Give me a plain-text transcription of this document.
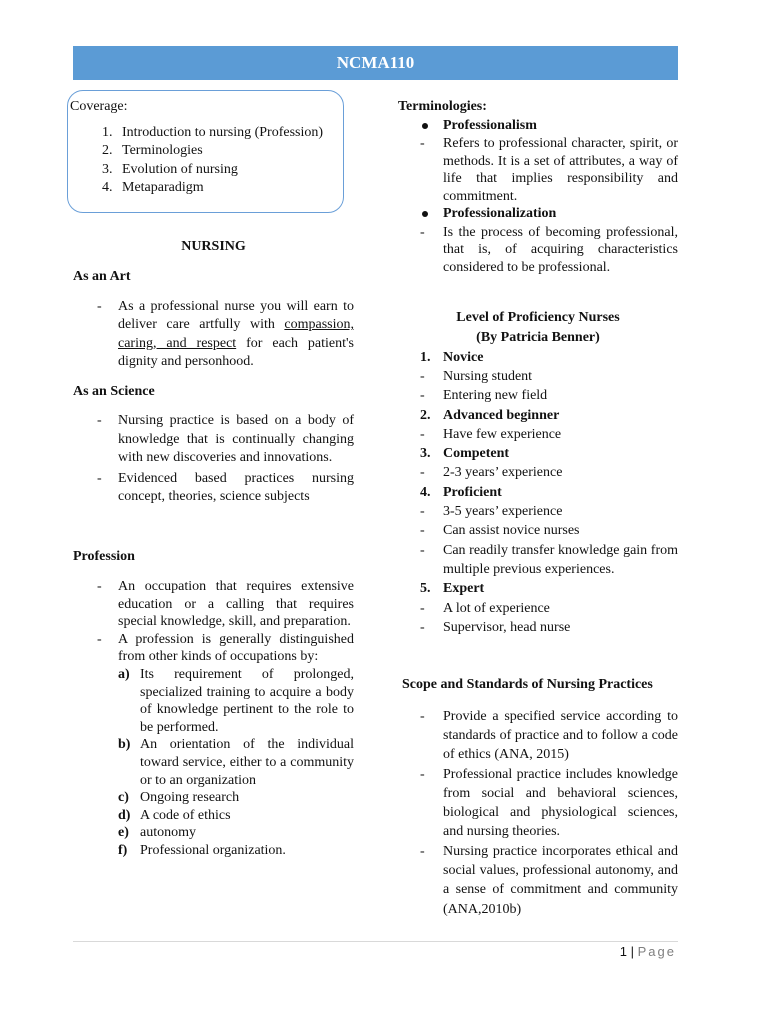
NCMA110
Coverage:
1. Introduction to nursing (Profession)
2. Terminologies
3. Evolution of nursing
4. Metaparadigm
NURSING
As an Art
- As a professional nurse you will earn to deliver care artfully with compassion, caring, and respect for each patient's dignity and personhood.
As an Science
- Nursing practice is based on a body of knowledge that is continually changing with new discoveries and innovations.
- Evidenced based practices nursing concept, theories, science subjects
Profession
- An occupation that requires extensive education or a calling that requires special knowledge, skill, and preparation.
- A profession is generally distinguished from other kinds of occupations by:
a) Its requirement of prolonged, specialized training to acquire a body of knowledge pertinent to the role to be performed.
b) An orientation of the individual toward service, either to a community or to an organization
c) Ongoing research
d) A code of ethics
e) autonomy
f) Professional organization.
Terminologies:
Professionalism
- Refers to professional character, spirit, or methods. It is a set of attributes, a way of life that implies responsibility and commitment.
Professionalization
- Is the process of becoming professional, that is, of acquiring characteristics considered to be professional.
Level of Proficiency Nurses
(By Patricia Benner)
1. Novice
- Nursing student
- Entering new field
2. Advanced beginner
- Have few experience
3. Competent
- 2-3 years’ experience
4. Proficient
- 3-5 years’ experience
- Can assist novice nurses
- Can readily transfer knowledge gain from multiple previous experiences.
5. Expert
- A lot of experience
- Supervisor, head nurse
Scope and Standards of Nursing Practices
- Provide a specified service according to standards of practice and to follow a code of ethics (ANA, 2015)
- Professional practice includes knowledge from social and behavioral sciences, biological and physiological sciences, and nursing theories.
- Nursing practice incorporates ethical and social values, professional autonomy, and a sense of commitment and community (ANA,2010b)
1 | Page
